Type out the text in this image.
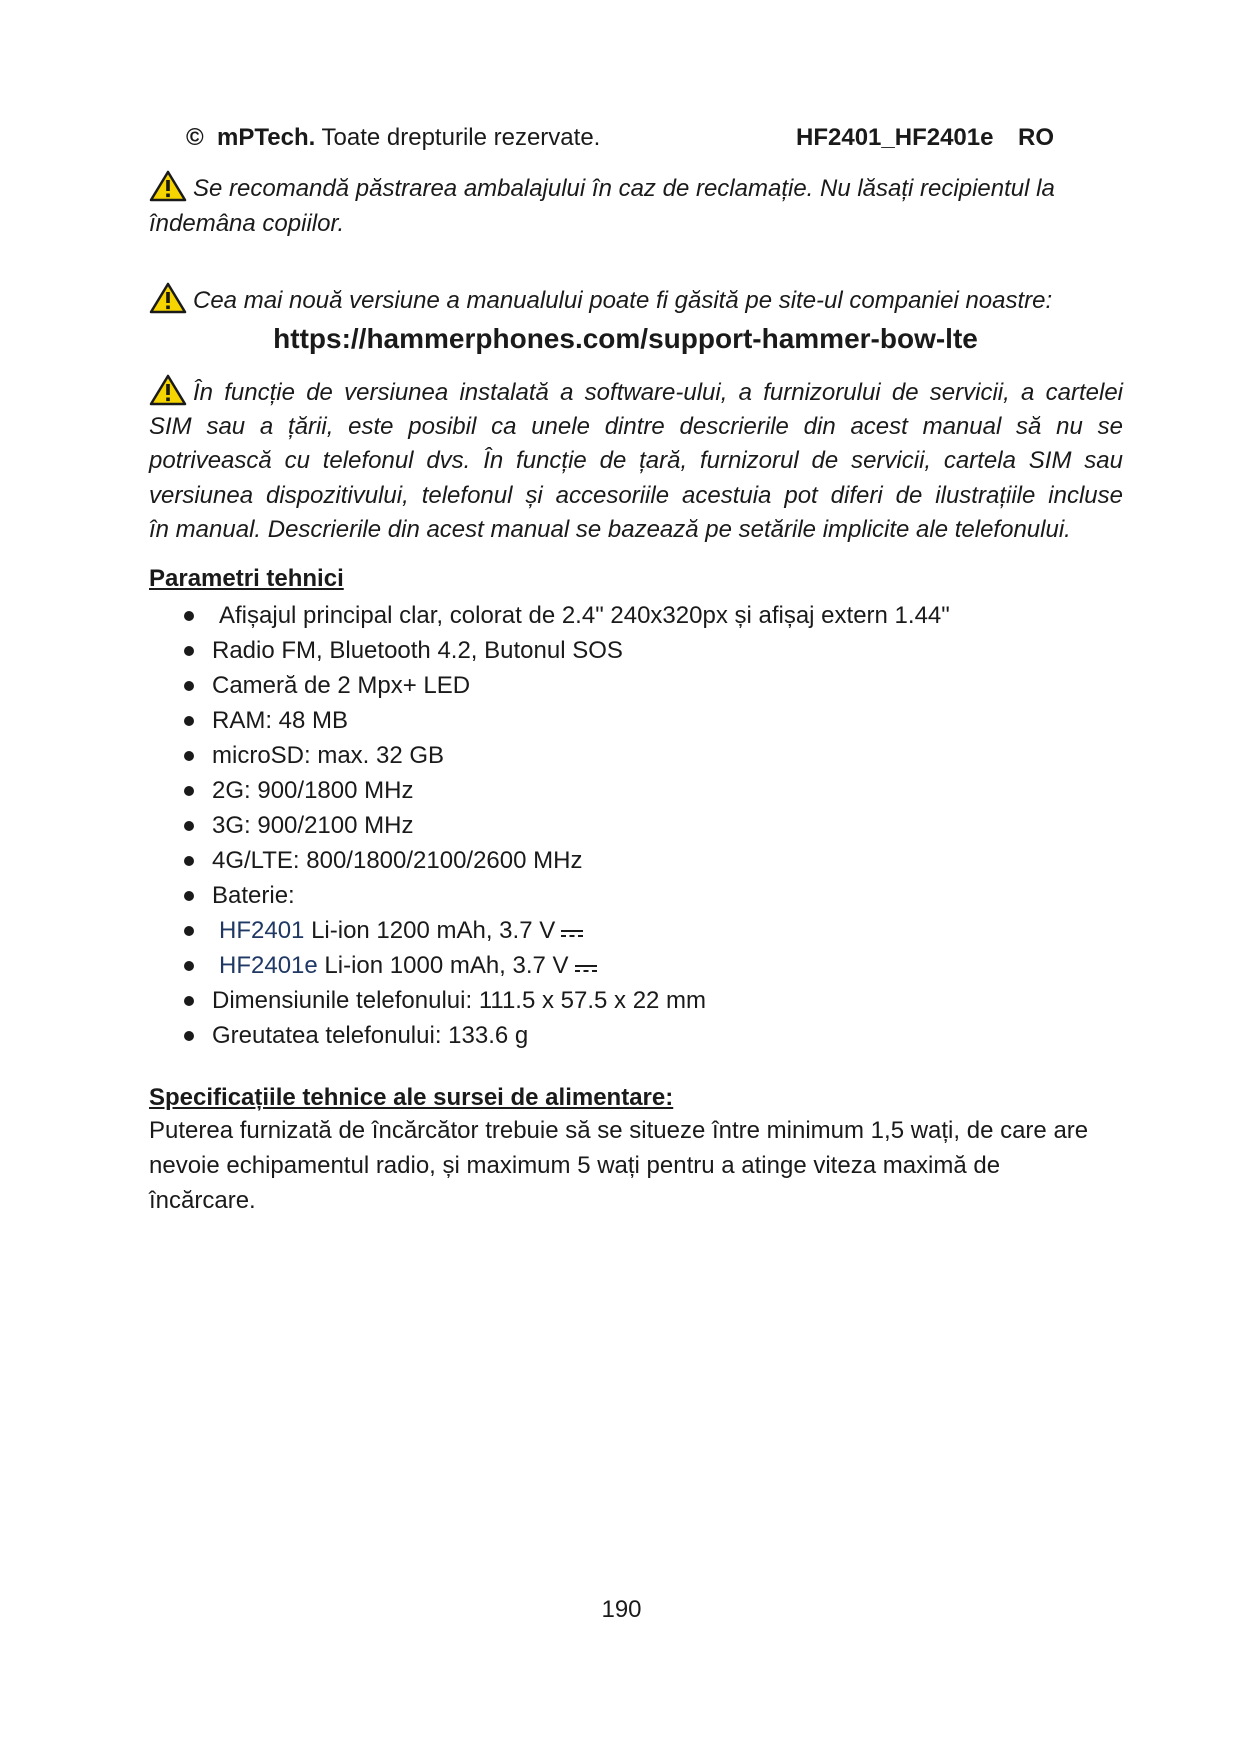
© mPTech. Toate drepturile rezervate.	HF2401_HF2401e RO
Se recomandă păstrarea ambalajului în caz de reclamație. Nu lăsați recipientul la îndemâna copiilor.
Cea mai nouă versiune a manualului poate fi găsită pe site-ul companiei noastre:
https://hammerphones.com/support-hammer-bow-lte
În funcție de versiunea instalată a software-ului, a furnizorului de servicii, a cartelei
SIM sau a țării, este posibil ca unele dintre descrierile din acest manual să nu se
potrivească cu telefonul dvs. În funcție de țară, furnizorul de servicii, cartela SIM sau
versiunea dispozitivului, telefonul și accesoriile acestuia pot diferi de ilustrațiile incluse
în manual. Descrierile din acest manual se bazează pe setările implicite ale telefonului.
Parametri tehnici
Afișajul principal clar, colorat de 2.4" 240x320px și afișaj extern 1.44"
Radio FM, Bluetooth 4.2, Butonul SOS
Cameră de 2 Mpx+ LED
RAM: 48 MB
microSD: max. 32 GB
2G: 900/1800 MHz
3G: 900/2100 MHz
4G/LTE: 800/1800/2100/2600 MHz
Baterie:
HF2401 Li-ion 1200 mAh, 3.7 V
HF2401e Li-ion 1000 mAh, 3.7 V
Dimensiunile telefonului: 111.5 x 57.5 x 22 mm
Greutatea telefonului: 133.6 g
Specificațiile tehnice ale sursei de alimentare:
Puterea furnizată de încărcător trebuie să se situeze între minimum 1,5 wați, de care are nevoie echipamentul radio, și maximum 5 wați pentru a atinge viteza maximă de încărcare.
190
